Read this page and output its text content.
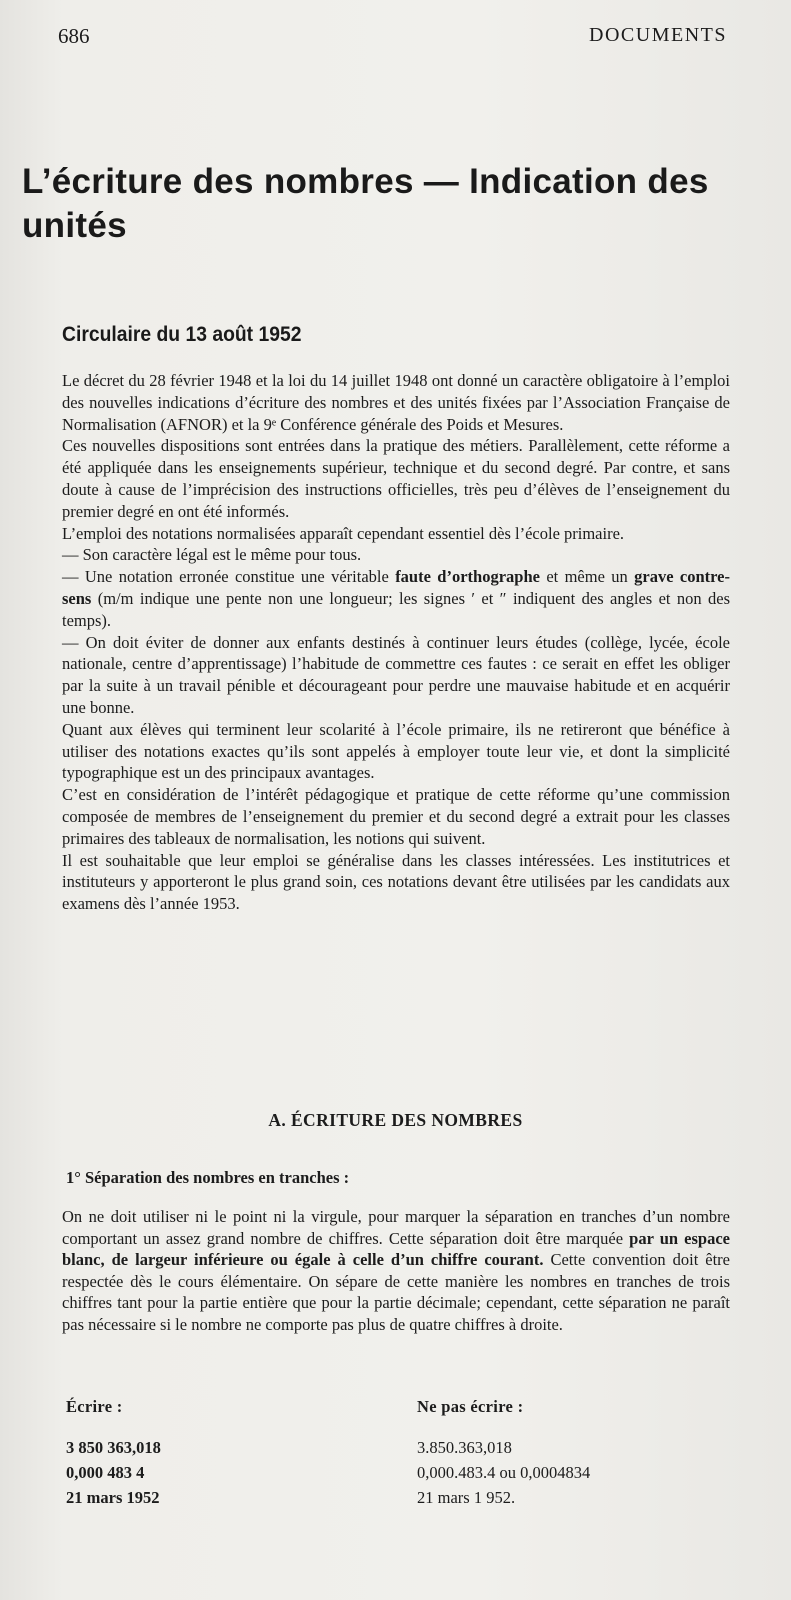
686	DOCUMENTS
L’écriture des nombres — Indication des unités
Circulaire du 13 août 1952

Le décret du 28 février 1948 et la loi du 14 juillet 1948 ont donné un caractère obligatoire à l’emploi des nouvelles indications d’écriture des nombres et des unités fixées par l’Association Française de Normalisation (AFNOR) et la 9ᵉ Conférence générale des Poids et Mesures.

Ces nouvelles dispositions sont entrées dans la pratique des métiers. Parallèlement, cette réforme a été appliquée dans les enseignements supérieur, technique et du second degré. Par contre, et sans doute à cause de l’imprécision des instructions officielles, très peu d’élèves de l’enseignement du premier degré en ont été informés.

L’emploi des notations normalisées apparaît cependant essentiel dès l’école primaire.

— Son caractère légal est le même pour tous.

— Une notation erronée constitue une véritable faute d’orthographe et même un grave contre-sens (m/m indique une pente non une longueur; les signes ′ et ″ indiquent des angles et non des temps).

— On doit éviter de donner aux enfants destinés à continuer leurs études (collège, lycée, école nationale, centre d’apprentissage) l’habitude de commettre ces fautes : ce serait en effet les obliger par la suite à un travail pénible et décourageant pour perdre une mauvaise habitude et en acquérir une bonne.

Quant aux élèves qui terminent leur scolarité à l’école primaire, ils ne retireront que bénéfice à utiliser des notations exactes qu’ils sont appelés à employer toute leur vie, et dont la simplicité typographique est un des principaux avantages.

C’est en considération de l’intérêt pédagogique et pratique de cette réforme qu’une commission composée de membres de l’enseignement du premier et du second degré a extrait pour les classes primaires des tableaux de normalisation, les notions qui suivent.

Il est souhaitable que leur emploi se généralise dans les classes intéressées. Les institutrices et instituteurs y apporteront le plus grand soin, ces notations devant être utilisées par les candidats aux examens dès l’année 1953.

A. ÉCRITURE DES NOMBRES
1° Séparation des nombres en tranches :

On ne doit utiliser ni le point ni la virgule, pour marquer la séparation en tranches d’un nombre comportant un assez grand nombre de chiffres. Cette séparation doit être marquée par un espace blanc, de largeur inférieure ou égale à celle d’un chiffre courant. Cette convention doit être respectée dès le cours élémentaire. On sépare de cette manière les nombres en tranches de trois chiffres tant pour la partie entière que pour la partie décimale; cependant, cette séparation ne paraît pas nécessaire si le nombre ne comporte pas plus de quatre chiffres à droite.

Écrire :
3 850 363,018
0,000 483 4
21 mars 1952
Ne pas écrire :
3.850.363,018
0,000.483.4 ou 0,0004834
21 mars 1 952.
